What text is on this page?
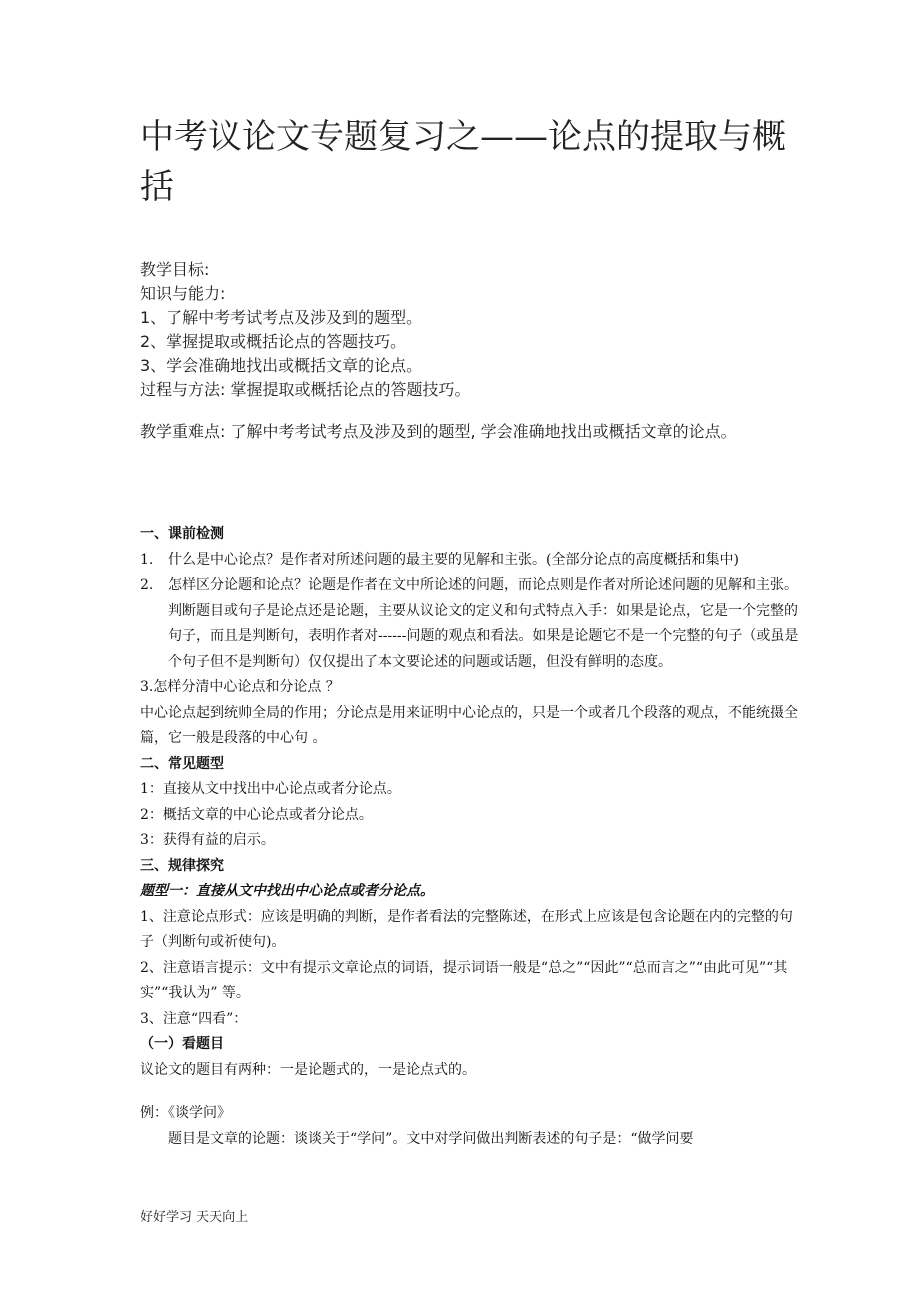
中考议论文专题复习之——论点的提取与概括

教学目标:

知识与能力:

1、了解中考考试考点及涉及到的题型。

2、掌握提取或概括论点的答题技巧。

3、学会准确地找出或概括文章的论点。

过程与方法: 掌握提取或概括论点的答题技巧。

教学重难点: 了解中考考试考点及涉及到的题型, 学会准确地找出或概括文章的论点。

一、课前检测

1. 什么是中心论点？是作者对所述问题的最主要的见解和主张。(全部分论点的高度概括和集中)
2. 怎样区分论题和论点？论题是作者在文中所论述的问题，而论点则是作者对所论述问题的见解和主张。判断题目或句子是论点还是论题，主要从议论文的定义和句式特点入手：如果是论点，它是一个完整的句子，而且是判断句，表明作者对------问题的观点和看法。如果是论题它不是一个完整的句子（或虽是个句子但不是判断句）仅仅提出了本文要论述的问题或话题，但没有鲜明的态度。

3.怎样分清中心论点和分论点 ？

中心论点起到统帅全局的作用；分论点是用来证明中心论点的，只是一个或者几个段落的观点，不能统摄全篇，它一般是段落的中心句 。

二、常见题型

1：直接从文中找出中心论点或者分论点。

2：概括文章的中心论点或者分论点。

3：获得有益的启示。

三、规律探究

题型一：直接从文中找出中心论点或者分论点。

1、注意论点形式：应该是明确的判断，是作者看法的完整陈述，在形式上应该是包含论题在内的完整的句子（判断句或祈使句)。

2、注意语言提示：文中有提示文章论点的词语，提示词语一般是“总之”“因此”“总而言之”“由此可见”“其实”“我认为” 等。

3、注意“四看”：

（一）看题目

议论文的题目有两种：一是论题式的，一是论点式的。

例：《谈学问》

题目是文章的论题：谈谈关于“学问”。文中对学问做出判断表述的句子是：“做学问要

好好学习 天天向上
